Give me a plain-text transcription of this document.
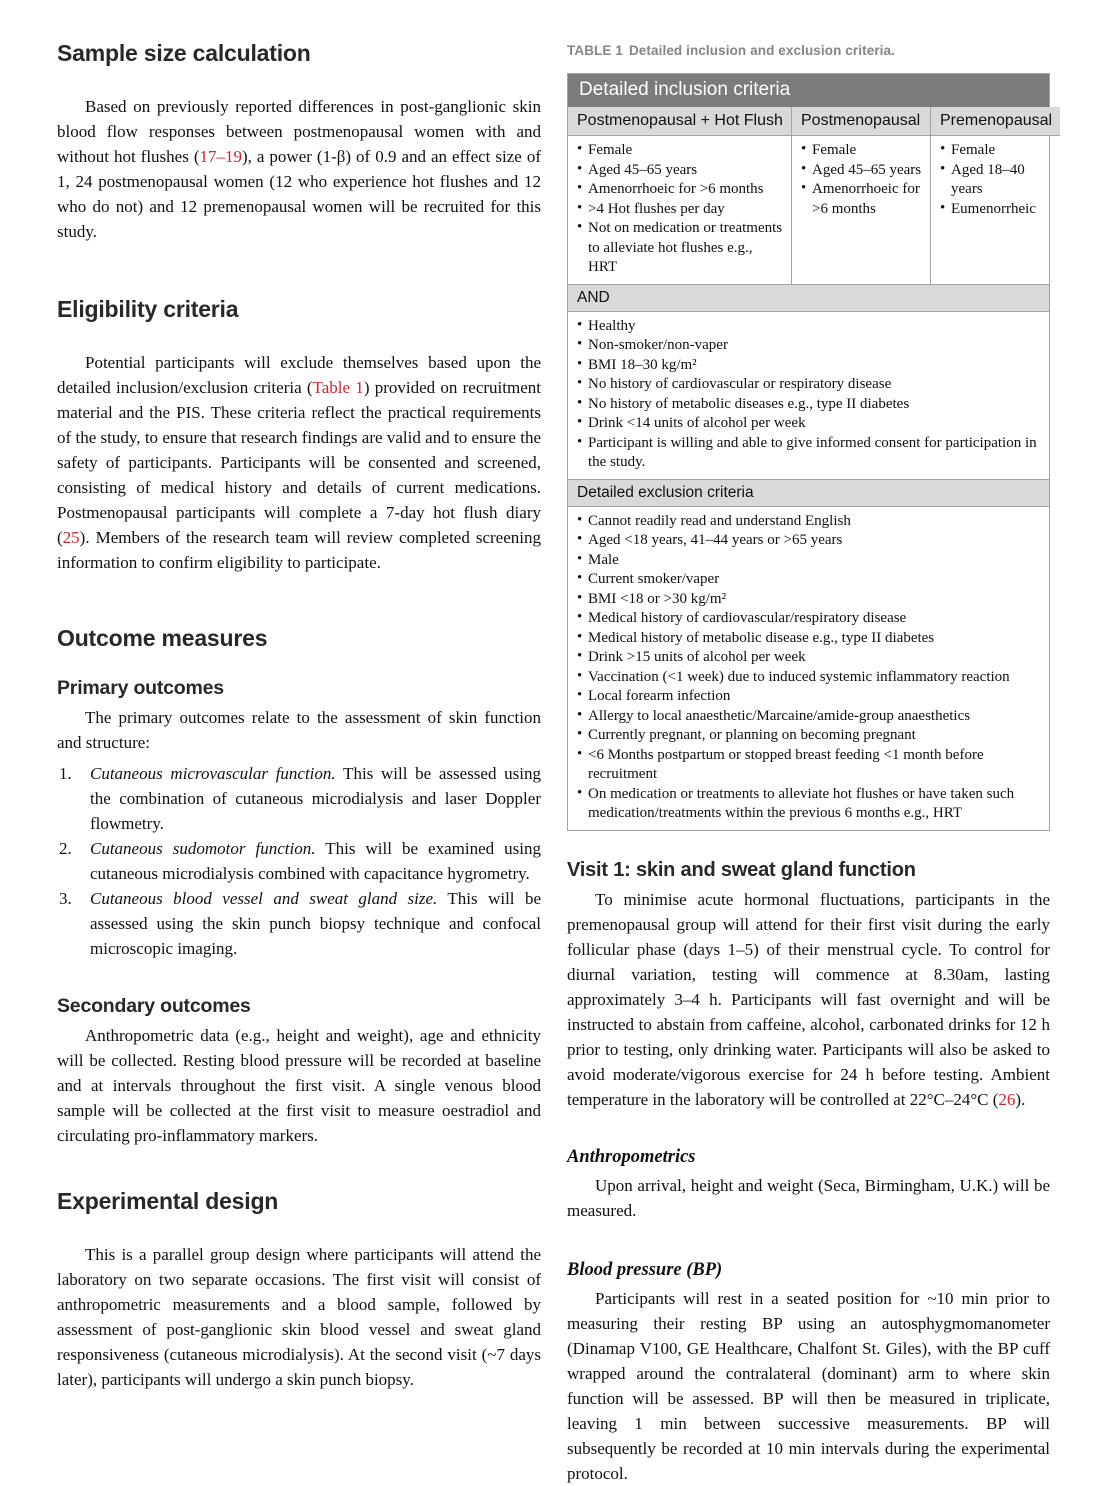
Sample size calculation

Based on previously reported differences in post-ganglionic skin blood flow responses between postmenopausal women with and without hot flushes (17–19), a power (1-β) of 0.9 and an effect size of 1, 24 postmenopausal women (12 who experience hot flushes and 12 who do not) and 12 premenopausal women will be recruited for this study.

Eligibility criteria

Potential participants will exclude themselves based upon the detailed inclusion/exclusion criteria (Table 1) provided on recruitment material and the PIS. These criteria reflect the practical requirements of the study, to ensure that research findings are valid and to ensure the safety of participants. Participants will be consented and screened, consisting of medical history and details of current medications. Postmenopausal participants will complete a 7-day hot flush diary (25). Members of the research team will review completed screening information to confirm eligibility to participate.

Outcome measures
Primary outcomes

The primary outcomes relate to the assessment of skin function and structure:

1. Cutaneous microvascular function. This will be assessed using the combination of cutaneous microdialysis and laser Doppler flowmetry.
2. Cutaneous sudomotor function. This will be examined using cutaneous microdialysis combined with capacitance hygrometry.
3. Cutaneous blood vessel and sweat gland size. This will be assessed using the skin punch biopsy technique and confocal microscopic imaging.
Secondary outcomes

Anthropometric data (e.g., height and weight), age and ethnicity will be collected. Resting blood pressure will be recorded at baseline and at intervals throughout the first visit. A single venous blood sample will be collected at the first visit to measure oestradiol and circulating pro-inflammatory markers.

Experimental design

This is a parallel group design where participants will attend the laboratory on two separate occasions. The first visit will consist of anthropometric measurements and a blood sample, followed by assessment of post-ganglionic skin blood vessel and sweat gland responsiveness (cutaneous microdialysis). At the second visit (~7 days later), participants will undergo a skin punch biopsy.

TABLE 1 Detailed inclusion and exclusion criteria.

Detailed inclusion criteria
Postmenopausal + Hot Flush
• Female
• Aged 45–65 years
• Amenorrhoeic for >6 months
• >4 Hot flushes per day
• Not on medication or treatments to alleviate hot flushes e.g., HRT
Postmenopausal
• Female
• Aged 45–65 years
• Amenorrhoeic for >6 months
Premenopausal
• Female
• Aged 18–40 years
• Eumenorrheic
AND
• Healthy
• Non-smoker/non-vaper
• BMI 18–30 kg/m²
• No history of cardiovascular or respiratory disease
• No history of metabolic diseases e.g., type II diabetes
• Drink <14 units of alcohol per week
• Participant is willing and able to give informed consent for participation in the study.
Detailed exclusion criteria
• Cannot readily read and understand English
• Aged <18 years, 41–44 years or >65 years
• Male
• Current smoker/vaper
• BMI <18 or >30 kg/m²
• Medical history of cardiovascular/respiratory disease
• Medical history of metabolic disease e.g., type II diabetes
• Drink >15 units of alcohol per week
• Vaccination (<1 week) due to induced systemic inflammatory reaction
• Local forearm infection
• Allergy to local anaesthetic/Marcaine/amide-group anaesthetics
• Currently pregnant, or planning on becoming pregnant
• <6 Months postpartum or stopped breast feeding <1 month before recruitment
• On medication or treatments to alleviate hot flushes or have taken such medication/treatments within the previous 6 months e.g., HRT
Visit 1: skin and sweat gland function

To minimise acute hormonal fluctuations, participants in the premenopausal group will attend for their first visit during the early follicular phase (days 1–5) of their menstrual cycle. To control for diurnal variation, testing will commence at 8.30am, lasting approximately 3–4 h. Participants will fast overnight and will be instructed to abstain from caffeine, alcohol, carbonated drinks for 12 h prior to testing, only drinking water. Participants will also be asked to avoid moderate/vigorous exercise for 24 h before testing. Ambient temperature in the laboratory will be controlled at 22°C–24°C (26).

Anthropometrics

Upon arrival, height and weight (Seca, Birmingham, U.K.) will be measured.

Blood pressure (BP)

Participants will rest in a seated position for ~10 min prior to measuring their resting BP using an autosphygmomanometer (Dinamap V100, GE Healthcare, Chalfont St. Giles), with the BP cuff wrapped around the contralateral (dominant) arm to where skin function will be assessed. BP will then be measured in triplicate, leaving 1 min between successive measurements. BP will subsequently be recorded at 10 min intervals during the experimental protocol.
